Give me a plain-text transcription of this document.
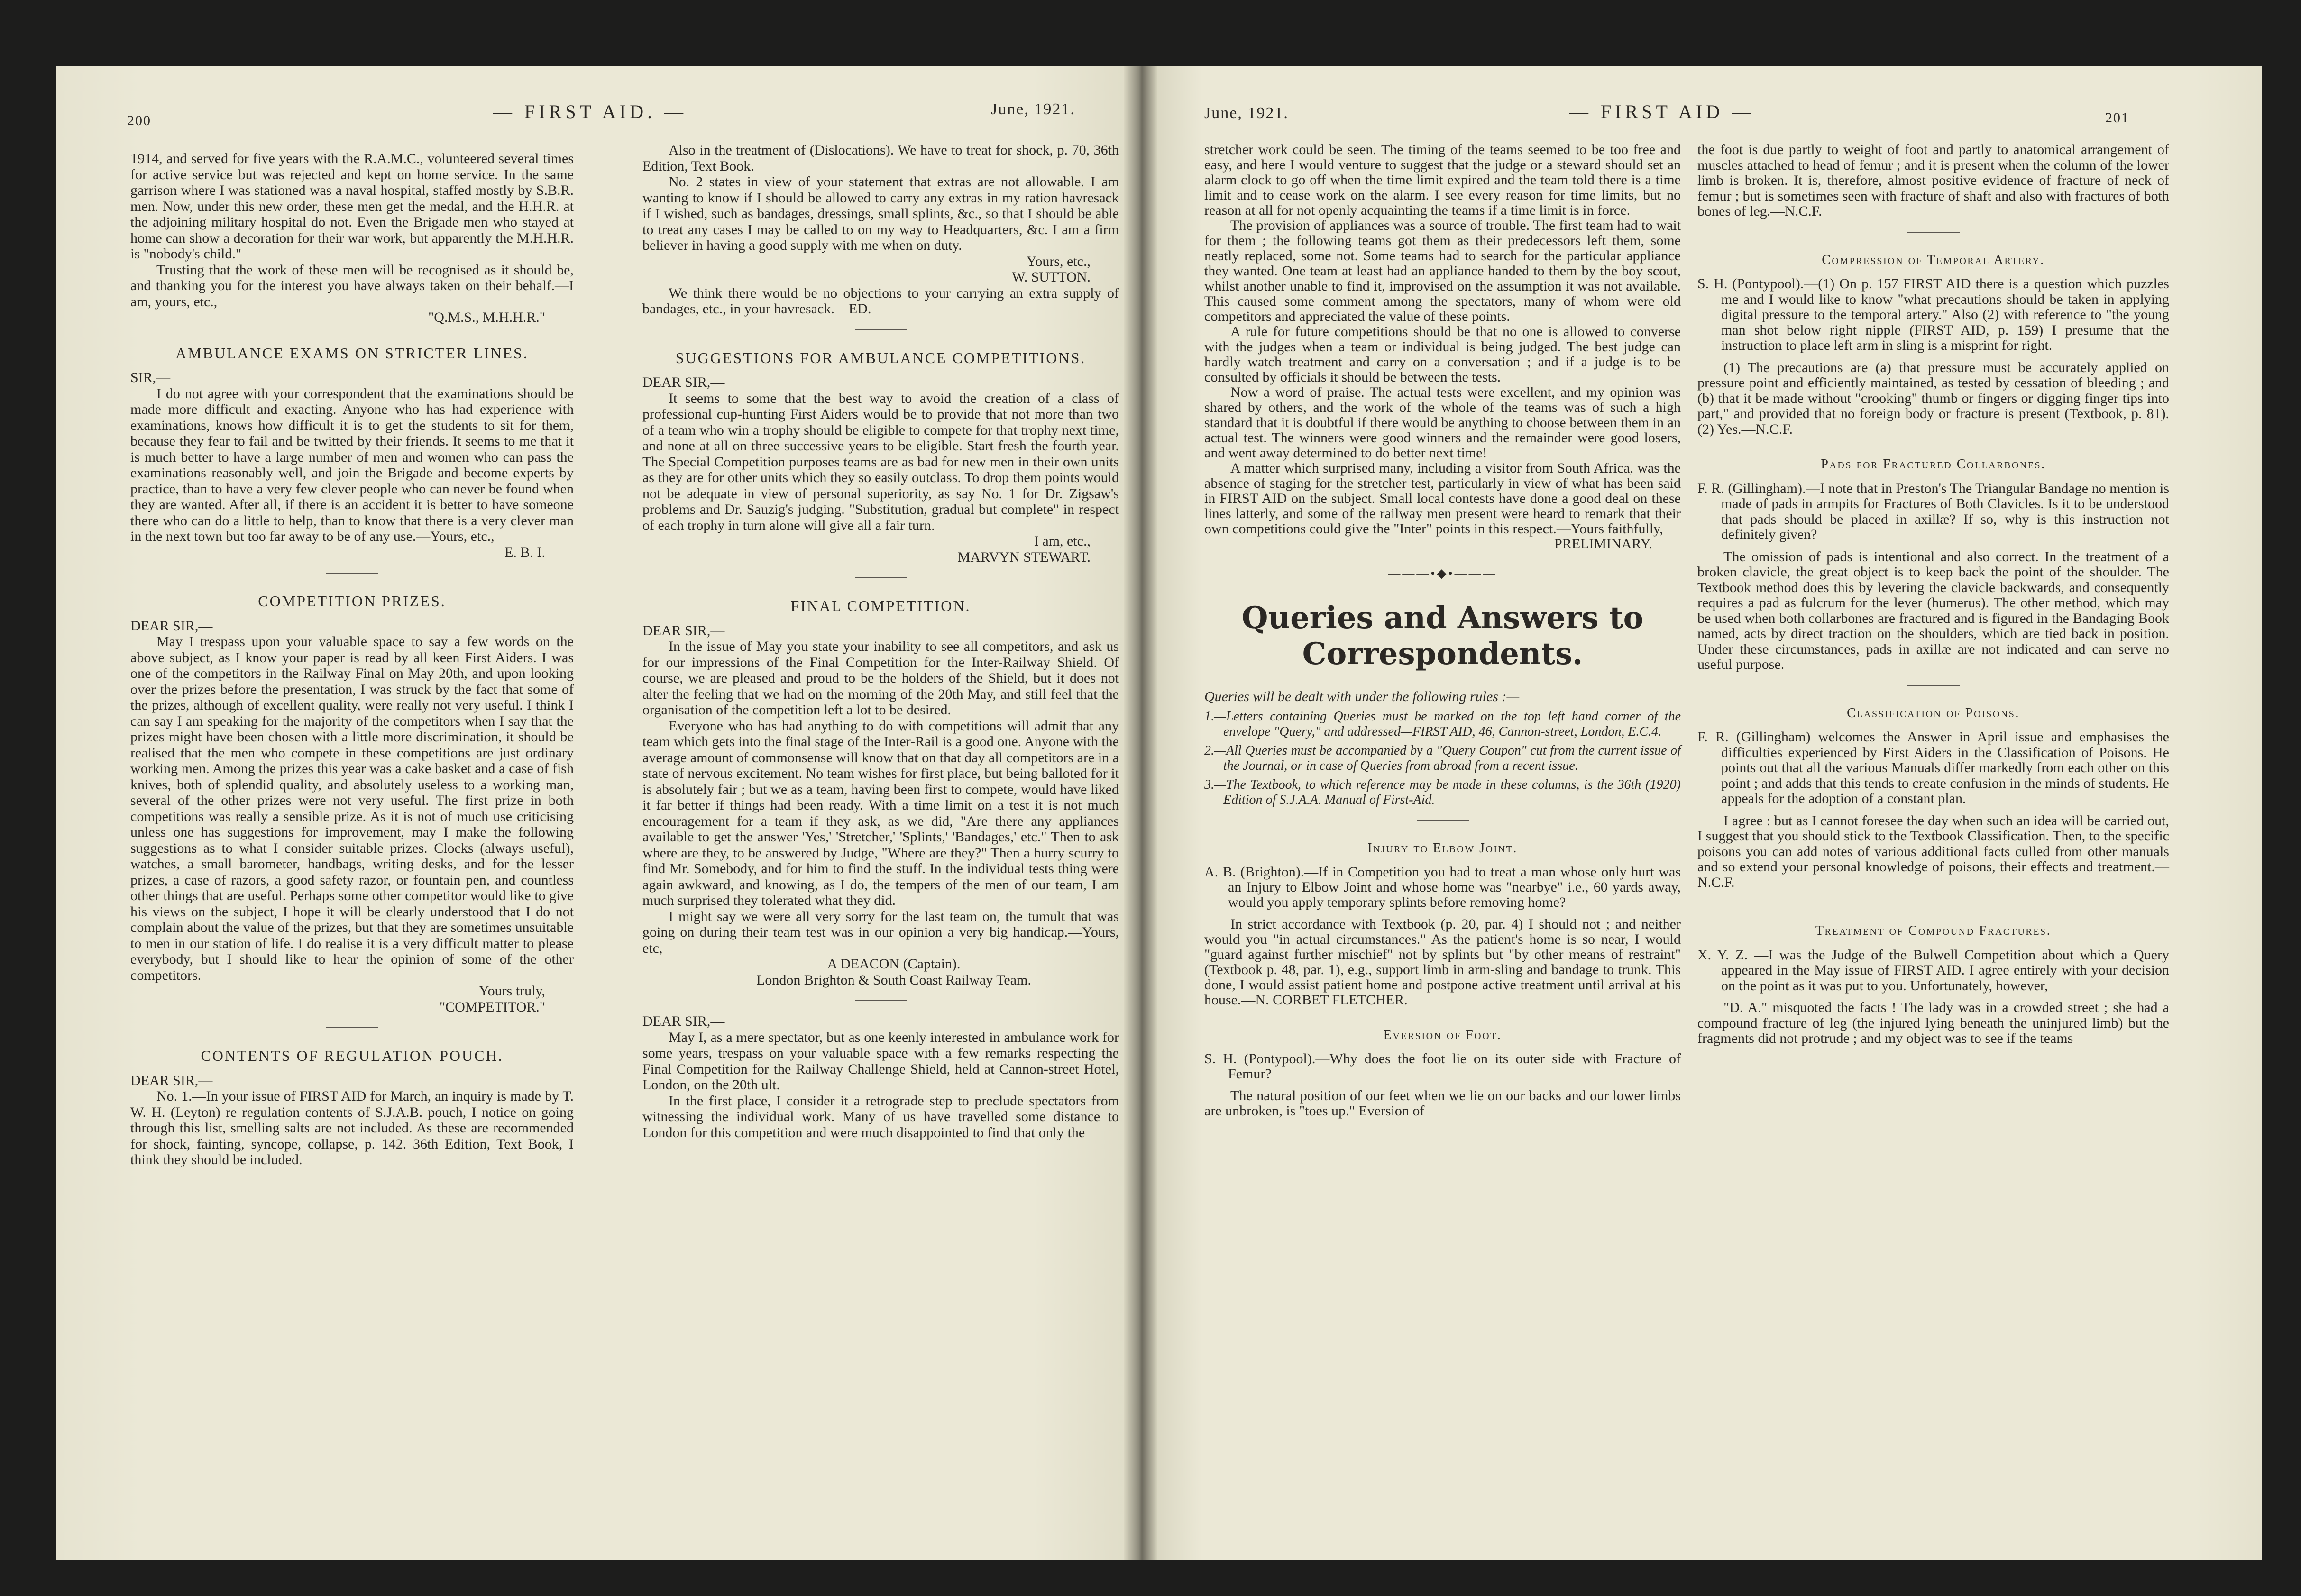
200	— FIRST AID. —	June, 1921.	June, 1921.	— FIRST AID —	201

1914, and served for five years with the R.A.M.C., volunteered several times for active service but was rejected and kept on home service. In the same garrison where I was stationed was a naval hospital, staffed mostly by S.B.R. men. Now, under this new order, these men get the medal, and the H.H.R. at the adjoining military hospital do not. Even the Brigade men who stayed at home can show a decoration for their war work, but apparently the M.H.H.R. is "nobody's child."

Trusting that the work of these men will be recognised as it should be, and thanking you for the interest you have always taken on their behalf.—I am, yours, etc.,

"Q.M.S., M.H.H.R."

AMBULANCE EXAMS ON STRICTER LINES.

SIR,—

I do not agree with your correspondent that the examinations should be made more difficult and exacting. Anyone who has had experience with examinations, knows how difficult it is to get the students to sit for them, because they fear to fail and be twitted by their friends. It seems to me that it is much better to have a large number of men and women who can pass the examinations reasonably well, and join the Brigade and become experts by practice, than to have a very few clever people who can never be found when they are wanted. After all, if there is an accident it is better to have someone there who can do a little to help, than to know that there is a very clever man in the next town but too far away to be of any use.—Yours, etc.,

E. B. I.

COMPETITION PRIZES.

DEAR SIR,—

May I trespass upon your valuable space to say a few words on the above subject, as I know your paper is read by all keen First Aiders. I was one of the competitors in the Railway Final on May 20th, and upon looking over the prizes before the presentation, I was struck by the fact that some of the prizes, although of excellent quality, were really not very useful. I think I can say I am speaking for the majority of the competitors when I say that the prizes might have been chosen with a little more discrimination, it should be realised that the men who compete in these competitions are just ordinary working men. Among the prizes this year was a cake basket and a case of fish knives, both of splendid quality, and absolutely useless to a working man, several of the other prizes were not very useful. The first prize in both competitions was really a sensible prize. As it is not of much use criticising unless one has suggestions for improvement, may I make the following suggestions as to what I consider suitable prizes. Clocks (always useful), watches, a small barometer, handbags, writing desks, and for the lesser prizes, a case of razors, a good safety razor, or fountain pen, and countless other things that are useful. Perhaps some other competitor would like to give his views on the subject, I hope it will be clearly understood that I do not complain about the value of the prizes, but that they are sometimes unsuitable to men in our station of life. I do realise it is a very difficult matter to please everybody, but I should like to hear the opinion of some of the other competitors.

Yours truly,

"COMPETITOR."

CONTENTS OF REGULATION POUCH.

DEAR SIR,—

No. 1.—In your issue of FIRST AID for March, an inquiry is made by T. W. H. (Leyton) re regulation contents of S.J.A.B. pouch, I notice on going through this list, smelling salts are not included. As these are recommended for shock, fainting, syncope, collapse, p. 142. 36th Edition, Text Book, I think they should be included.

Also in the treatment of (Dislocations). We have to treat for shock, p. 70, 36th Edition, Text Book.

No. 2 states in view of your statement that extras are not allowable. I am wanting to know if I should be allowed to carry any extras in my ration havresack if I wished, such as bandages, dressings, small splints, &c., so that I should be able to treat any cases I may be called to on my way to Headquarters, &c. I am a firm believer in having a good supply with me when on duty.

Yours, etc.,

W. SUTTON.

We think there would be no objections to your carrying an extra supply of bandages, etc., in your havresack.—ED.

SUGGESTIONS FOR AMBULANCE COMPETITIONS.

DEAR SIR,—

It seems to some that the best way to avoid the creation of a class of professional cup-hunting First Aiders would be to provide that not more than two of a team who win a trophy should be eligible to compete for that trophy next time, and none at all on three successive years to be eligible. Start fresh the fourth year. The Special Competition purposes teams are as bad for new men in their own units as they are for other units which they so easily outclass. To drop them points would not be adequate in view of personal superiority, as say No. 1 for Dr. Zigsaw's problems and Dr. Sauzig's judging. "Substitution, gradual but complete" in respect of each trophy in turn alone will give all a fair turn.

I am, etc.,

MARVYN STEWART.

FINAL COMPETITION.

DEAR SIR,—

In the issue of May you state your inability to see all competitors, and ask us for our impressions of the Final Competition for the Inter-Railway Shield. Of course, we are pleased and proud to be the holders of the Shield, but it does not alter the feeling that we had on the morning of the 20th May, and still feel that the organisation of the competition left a lot to be desired.

Everyone who has had anything to do with competitions will admit that any team which gets into the final stage of the Inter-Rail is a good one. Anyone with the average amount of commonsense will know that on that day all competitors are in a state of nervous excitement. No team wishes for first place, but being balloted for it is absolutely fair ; but we as a team, having been first to compete, would have liked it far better if things had been ready. With a time limit on a test it is not much encouragement for a team if they ask, as we did, "Are there any appliances available to get the answer 'Yes,' 'Stretcher,' 'Splints,' 'Bandages,' etc." Then to ask where are they, to be answered by Judge, "Where are they?" Then a hurry scurry to find Mr. Somebody, and for him to find the stuff. In the individual tests thing were again awkward, and knowing, as I do, the tempers of the men of our team, I am much surprised they tolerated what they did.

I might say we were all very sorry for the last team on, the tumult that was going on during their team test was in our opinion a very big handicap.—Yours, etc,

A DEACON (Captain).

London Brighton & South Coast Railway Team.

DEAR SIR,—

May I, as a mere spectator, but as one keenly interested in ambulance work for some years, trespass on your valuable space with a few remarks respecting the Final Competition for the Railway Challenge Shield, held at Cannon-street Hotel, London, on the 20th ult.

In the first place, I consider it a retrograde step to preclude spectators from witnessing the individual work. Many of us have travelled some distance to London for this competition and were much disappointed to find that only the

stretcher work could be seen. The timing of the teams seemed to be too free and easy, and here I would venture to suggest that the judge or a steward should set an alarm clock to go off when the time limit expired and the team told there is a time limit and to cease work on the alarm. I see every reason for time limits, but no reason at all for not openly acquainting the teams if a time limit is in force.

The provision of appliances was a source of trouble. The first team had to wait for them ; the following teams got them as their predecessors left them, some neatly replaced, some not. Some teams had to search for the particular appliance they wanted. One team at least had an appliance handed to them by the boy scout, whilst another unable to find it, improvised on the assumption it was not available. This caused some comment among the spectators, many of whom were old competitors and appreciated the value of these points.

A rule for future competitions should be that no one is allowed to converse with the judges when a team or individual is being judged. The best judge can hardly watch treatment and carry on a conversation ; and if a judge is to be consulted by officials it should be between the tests.

Now a word of praise. The actual tests were excellent, and my opinion was shared by others, and the work of the whole of the teams was of such a high standard that it is doubtful if there would be anything to choose between them in an actual test. The winners were good winners and the remainder were good losers, and went away determined to do better next time!

A matter which surprised many, including a visitor from South Africa, was the absence of staging for the stretcher test, particularly in view of what has been said in FIRST AID on the subject. Small local contests have done a good deal on these lines latterly, and some of the railway men present were heard to remark that their own competitions could give the "Inter" points in this respect.—Yours faithfully,

PRELIMINARY.

———•◆•———
Queries and Answers to Correspondents.

Queries will be dealt with under the following rules :—

1.—Letters containing Queries must be marked on the top left hand corner of the envelope "Query," and addressed—FIRST AID, 46, Cannon-street, London, E.C.4.

2.—All Queries must be accompanied by a "Query Coupon" cut from the current issue of the Journal, or in case of Queries from abroad from a recent issue.

3.—The Textbook, to which reference may be made in these columns, is the 36th (1920) Edition of S.J.A.A. Manual of First-Aid.

Injury to Elbow Joint.

A. B. (Brighton).—If in Competition you had to treat a man whose only hurt was an Injury to Elbow Joint and whose home was "nearbye" i.e., 60 yards away, would you apply temporary splints before removing home?

In strict accordance with Textbook (p. 20, par. 4) I should not ; and neither would you "in actual circumstances." As the patient's home is so near, I would "guard against further mischief" not by splints but "by other means of restraint" (Textbook p. 48, par. 1), e.g., support limb in arm-sling and bandage to trunk. This done, I would assist patient home and postpone active treatment until arrival at his house.—N. CORBET FLETCHER.

Eversion of Foot.

S. H. (Pontypool).—Why does the foot lie on its outer side with Fracture of Femur?

The natural position of our feet when we lie on our backs and our lower limbs are unbroken, is "toes up." Eversion of

the foot is due partly to weight of foot and partly to anatomical arrangement of muscles attached to head of femur ; and it is present when the column of the lower limb is broken. It is, therefore, almost positive evidence of fracture of neck of femur ; but is sometimes seen with fracture of shaft and also with fractures of both bones of leg.—N.C.F.

Compression of Temporal Artery.

S. H. (Pontypool).—(1) On p. 157 FIRST AID there is a question which puzzles me and I would like to know "what precautions should be taken in applying digital pressure to the temporal artery." Also (2) with reference to "the young man shot below right nipple (FIRST AID, p. 159) I presume that the instruction to place left arm in sling is a misprint for right.

(1) The precautions are (a) that pressure must be accurately applied on pressure point and efficiently maintained, as tested by cessation of bleeding ; and (b) that it be made without "crooking" thumb or fingers or digging finger tips into part," and provided that no foreign body or fracture is present (Textbook, p. 81). (2) Yes.—N.C.F.

Pads for Fractured Collarbones.

F. R. (Gillingham).—I note that in Preston's The Triangular Bandage no mention is made of pads in armpits for Fractures of Both Clavicles. Is it to be understood that pads should be placed in axillæ? If so, why is this instruction not definitely given?

The omission of pads is intentional and also correct. In the treatment of a broken clavicle, the great object is to keep back the point of the shoulder. The Textbook method does this by levering the clavicle backwards, and consequently requires a pad as fulcrum for the lever (humerus). The other method, which may be used when both collarbones are fractured and is figured in the Bandaging Book named, acts by direct traction on the shoulders, which are tied back in position. Under these circumstances, pads in axillæ are not indicated and can serve no useful purpose.

Classification of Poisons.

F. R. (Gillingham) welcomes the Answer in April issue and emphasises the difficulties experienced by First Aiders in the Classification of Poisons. He points out that all the various Manuals differ markedly from each other on this point ; and adds that this tends to create confusion in the minds of students. He appeals for the adoption of a constant plan.

I agree : but as I cannot foresee the day when such an idea will be carried out, I suggest that you should stick to the Textbook Classification. Then, to the specific poisons you can add notes of various additional facts culled from other manuals and so extend your personal knowledge of poisons, their effects and treatment.—N.C.F.

Treatment of Compound Fractures.

X. Y. Z. —I was the Judge of the Bulwell Competition about which a Query appeared in the May issue of FIRST AID. I agree entirely with your decision on the point as it was put to you. Unfortunately, however,

"D. A." misquoted the facts ! The lady was in a crowded street ; she had a compound fracture of leg (the injured lying beneath the uninjured limb) but the fragments did not protrude ; and my object was to see if the teams
